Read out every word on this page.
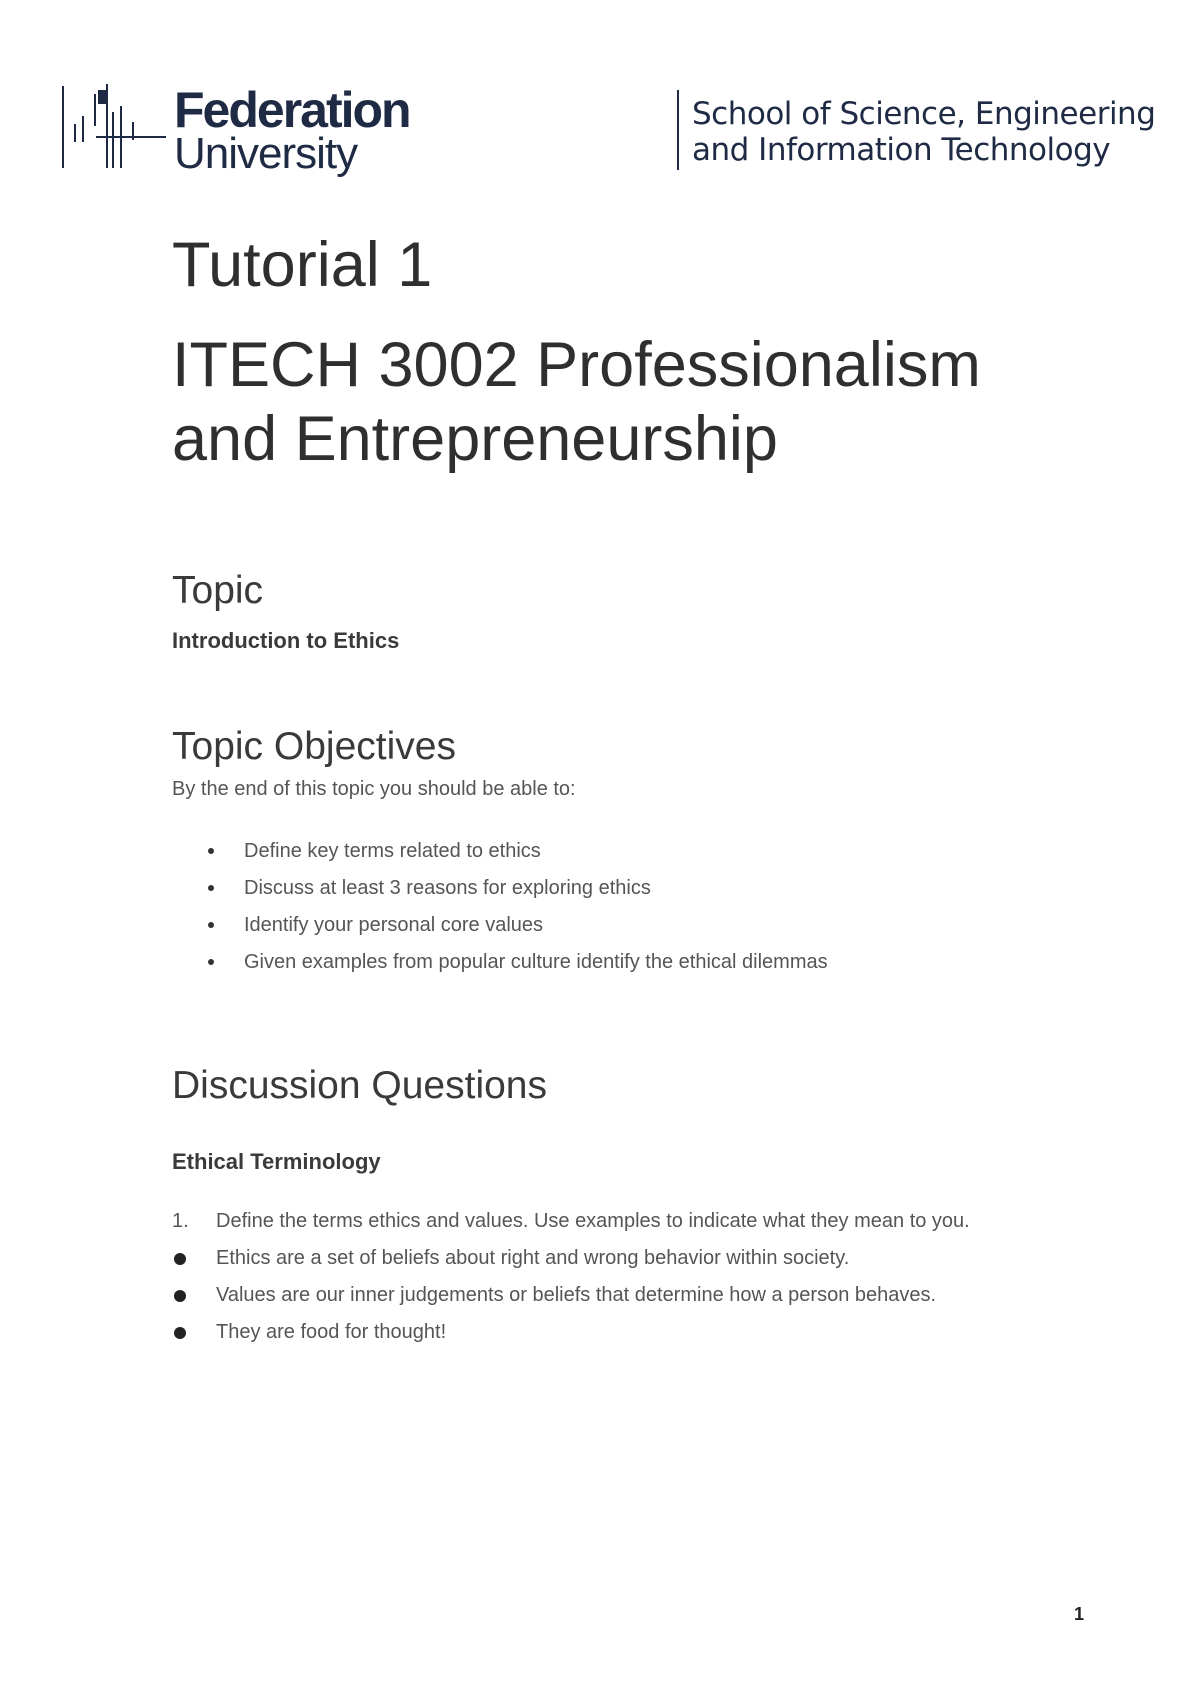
Federation
University
School of Science, Engineering
and Information Technology
Tutorial 1
ITECH 3002 Professionalism
and Entrepreneurship
Topic

Introduction to Ethics

Topic Objectives

By the end of this topic you should be able to:

Define key terms related to ethics
Discuss at least 3 reasons for exploring ethics
Identify your personal core values
Given examples from popular culture identify the ethical dilemmas
Discussion Questions

Ethical Terminology

1. Define the terms ethics and values. Use examples to indicate what they mean to you.
Ethics are a set of beliefs about right and wrong behavior within society.
Values are our inner judgements or beliefs that determine how a person behaves.
They are food for thought!
1
